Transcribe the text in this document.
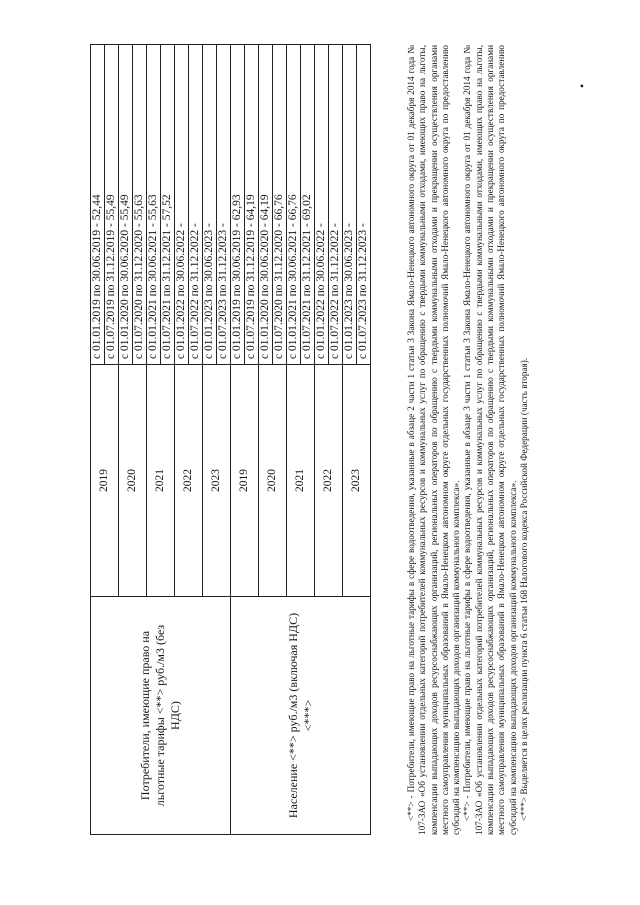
Потребители, имеющие право на льготные тарифы <**> руб./м3 (без НДС)	2019	с 01.01.2019 по 30.06.2019 - 52,44
		с 01.07.2019 по 31.12.2019 - 55,49
	2020	с 01.01.2020 по 30.06.2020 - 55,49
		с 01.07.2020 по 31.12.2020 - 55,63
	2021	с 01.01.2021 по 30.06.2021 - 55,63
		с 01.07.2021 по 31.12.2021 - 57,52
	2022	с 01.01.2022 по 30.06.2022 -
		с 01.07.2022 по 31.12.2022 -
	2023	с 01.01.2023 по 30.06.2023 -
		с 01.07.2023 по 31.12.2023 -
Население <**> руб./м3 (включая НДС) <***>	2019	с 01.01.2019 по 30.06.2019 - 62,93
		с 01.07.2019 по 31.12.2019 - 64,19
	2020	с 01.01.2020 по 30.06.2020 - 64,19
		с 01.07.2020 по 31.12.2020 - 66,76
	2021	с 01.01.2021 по 30.06.2021 - 66,76
		с 01.07.2021 по 31.12.2021 - 69,02
	2022	с 01.01.2022 по 30.06.2022 -
		с 01.07.2022 по 31.12.2022 -
	2023	с 01.01.2023 по 30.06.2023 -
		с 01.07.2023 по 31.12.2023 -	<**> - Потребители, имеющие право на льготные тарифы в сфере водоотведения, указанные в абзаце 2 части 1 статьи 3 Закона Ямало-Ненецкого автономного округа от 01 декабря 2014 года № 107-ЗАО «Об установлении отдельных категорий потребителей коммунальных ресурсов и коммунальных услуг по обращению с твердыми коммунальными отходами, имеющих право на льготы, компенсации выпадающих доходов ресурсоснабжающих организаций, региональных операторов по обращению с твердыми коммунальными отходами и прекращении осуществления органами местного самоуправления муниципальных образований в Ямало-Ненецком автономном округе отдельных государственных полномочий Ямало-Ненецкого автономного округа по предоставлению субсидий на компенсацию выпадающих доходов организаций коммунального комплекса». <**> - Потребители, имеющие право на льготные тарифы в сфере водоотведения, указанные в абзаце 3 части 1 статьи 3 Закона Ямало-Ненецкого автономного округа от 01 декабря 2014 года № 107-ЗАО «Об установлении отдельных категорий потребителей коммунальных ресурсов и коммунальных услуг по обращению с твердыми коммунальными отходами, имеющих право на льготы, компенсации выпадающих доходов ресурсоснабжающих организаций, региональных операторов по обращению с твердыми коммунальными отходами и прекращении осуществления органами местного самоуправления муниципальных образований в Ямало-Ненецком автономном округе отдельных государственных полномочий Ямало-Ненецкого автономного округа по предоставлению субсидий на компенсацию выпадающих доходов организаций коммунального комплекса». <***> Выделяется в целях реализации пункта 6 статьи 168 Налогового кодекса Российской Федерации (часть вторая).

•
